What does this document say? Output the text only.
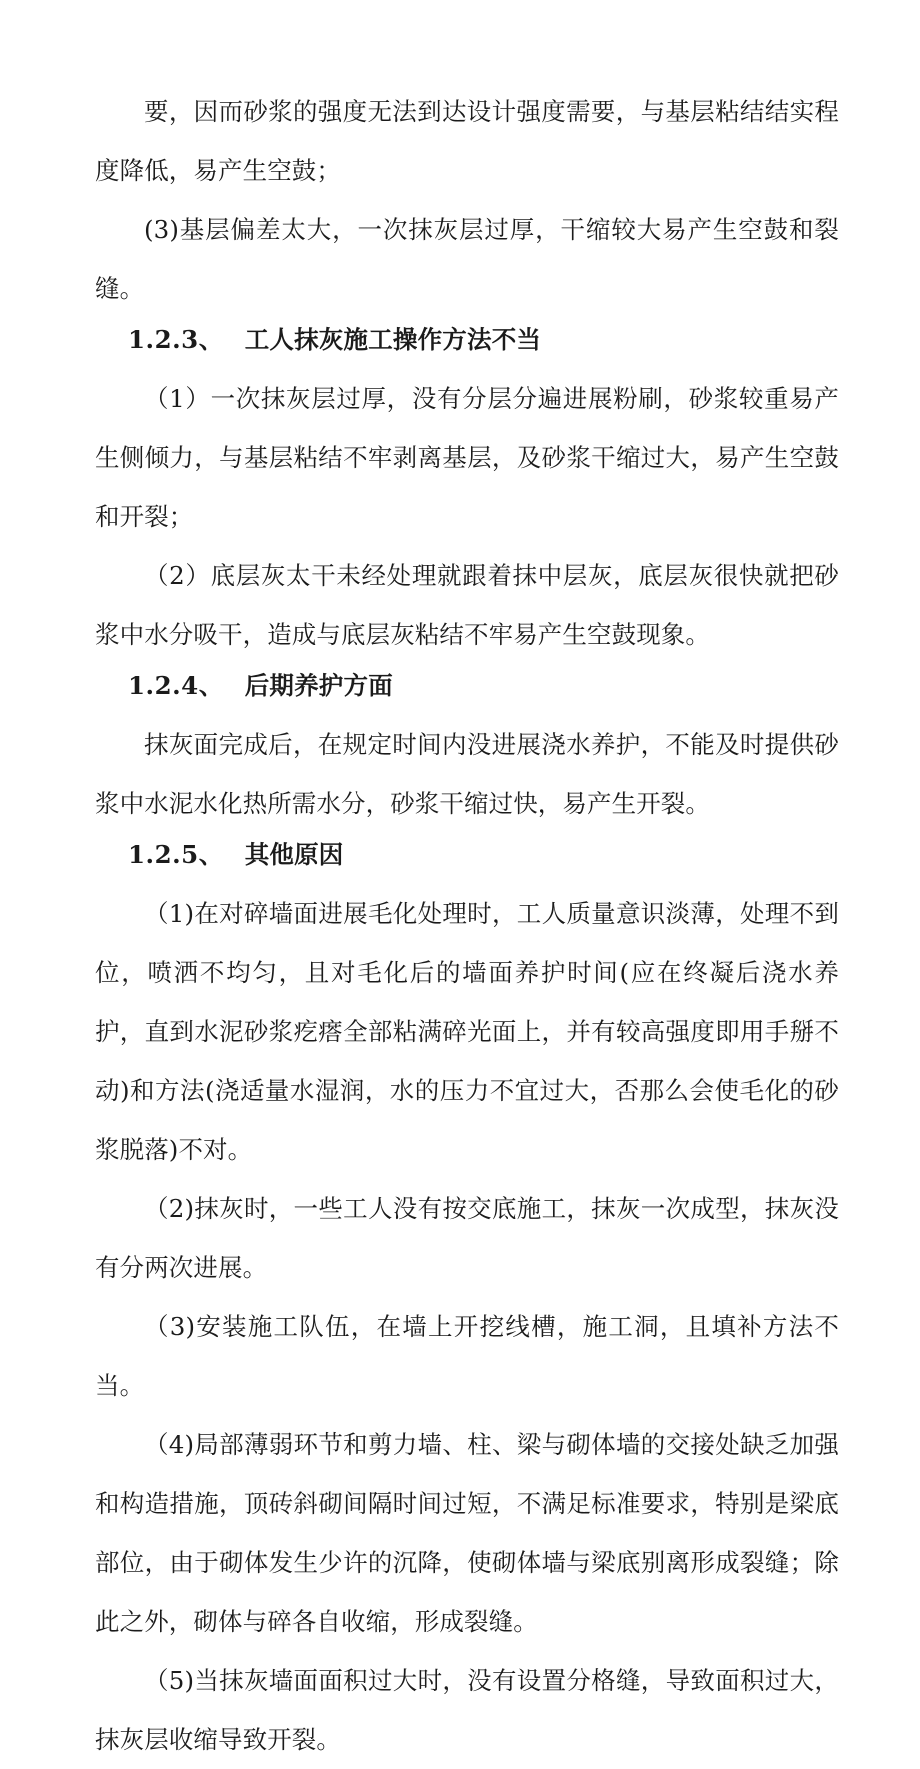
要，因而砂浆的强度无法到达设计强度需要，与基层粘结结实程度降低，易产生空鼓；

(3)基层偏差太大，一次抹灰层过厚，干缩较大易产生空鼓和裂缝。

1.2.3、 工人抹灰施工操作方法不当

（1）一次抹灰层过厚，没有分层分遍进展粉刷，砂浆较重易产生侧倾力，与基层粘结不牢剥离基层，及砂浆干缩过大，易产生空鼓和开裂；

（2）底层灰太干未经处理就跟着抹中层灰，底层灰很快就把砂浆中水分吸干，造成与底层灰粘结不牢易产生空鼓现象。

1.2.4、 后期养护方面

抹灰面完成后，在规定时间内没进展浇水养护，不能及时提供砂浆中水泥水化热所需水分，砂浆干缩过快，易产生开裂。

1.2.5、 其他原因

（1)在对碎墙面进展毛化处理时，工人质量意识淡薄，处理不到位，喷洒不均匀，且对毛化后的墙面养护时间(应在终凝后浇水养护，直到水泥砂浆疙瘩全部粘满碎光面上，并有较高强度即用手掰不动)和方法(浇适量水湿润，水的压力不宜过大，否那么会使毛化的砂浆脱落)不对。

（2)抹灰时，一些工人没有按交底施工，抹灰一次成型，抹灰没有分两次进展。

（3)安装施工队伍，在墙上开挖线槽，施工洞，且填补方法不当。

（4)局部薄弱环节和剪力墙、柱、梁与砌体墙的交接处缺乏加强和构造措施，顶砖斜砌间隔时间过短，不满足标准要求，特别是梁底部位，由于砌体发生少许的沉降，使砌体墙与梁底别离形成裂缝；除此之外，砌体与碎各自收缩，形成裂缝。

（5)当抹灰墙面面积过大时，没有设置分格缝，导致面积过大，抹灰层收缩导致开裂。
